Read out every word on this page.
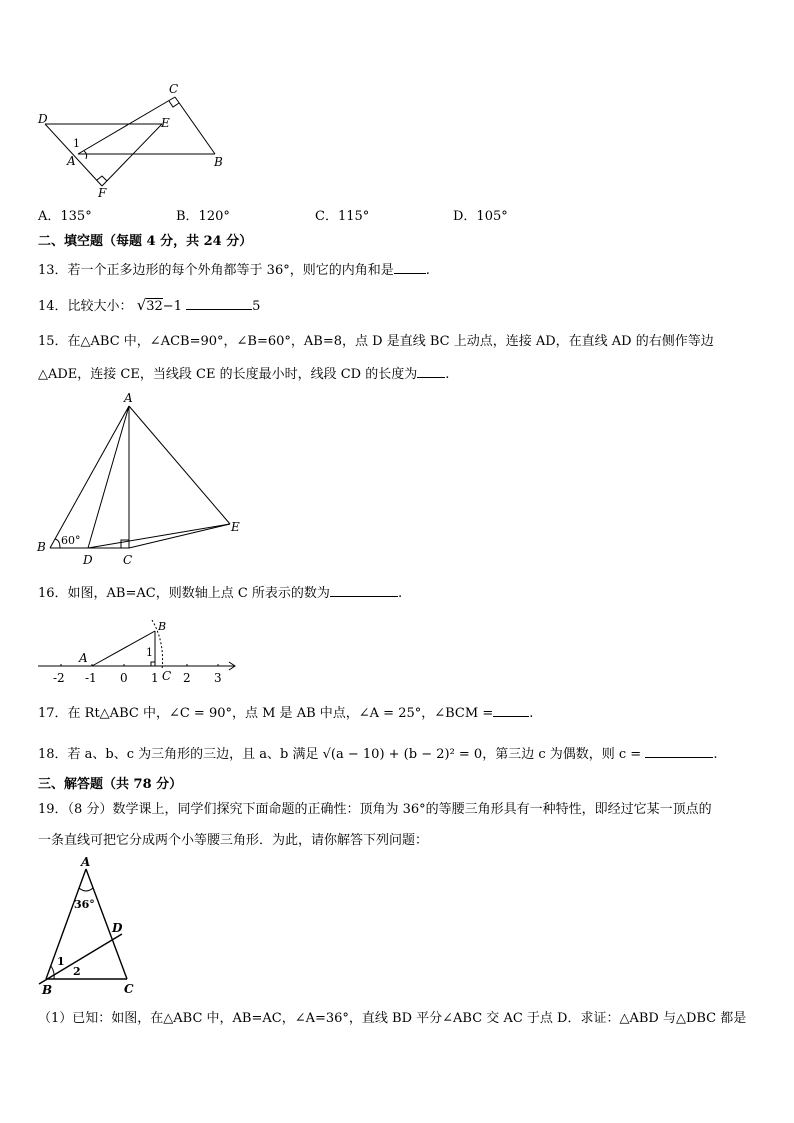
C
D	E
1
A	B
F
A．135°	B．120°	C．115°	D．105°
二、填空题（每题 4 分，共 24 分）
13．若一个正多边形的每个外角都等于 36°，则它的内角和是 .
14．比较大小： √32−1	5
15．在△ABC 中，∠ACB=90°，∠B=60°，AB=8，点 D 是直线 BC 上动点，连接 AD，在直线 AD 的右侧作等边
△ADE，连接 CE，当线段 CE 的长度最小时，线段 CD 的长度为 .
A
B 60°
D	C
E
16．如图，AB=AC，则数轴上点 C 所表示的数为	.
A
B
1
C
-2 -1 0 1 2 3
17．在 Rt△ABC 中，∠C = 90°，点 M 是 AB 中点，∠A = 25°，∠BCM =	.
18．若 a、b、c 为三角形的三边，且 a、b 满足 √(a − 10) + (b − 2)² = 0，第三边 c 为偶数，则 c =	.
三、解答题（共 78 分）
19．（8 分）数学课上，同学们探究下面命题的正确性：顶角为 36°的等腰三角形具有一种特性，即经过它某一顶点的
一条直线可把它分成两个小等腰三角形．为此，请你解答下列问题：
A
36°
D
1
2
B	C
（1）已知：如图，在△ABC 中，AB=AC，∠A=36°，直线 BD 平分∠ABC 交 AC 于点 D．求证：△ABD 与△DBC 都是
